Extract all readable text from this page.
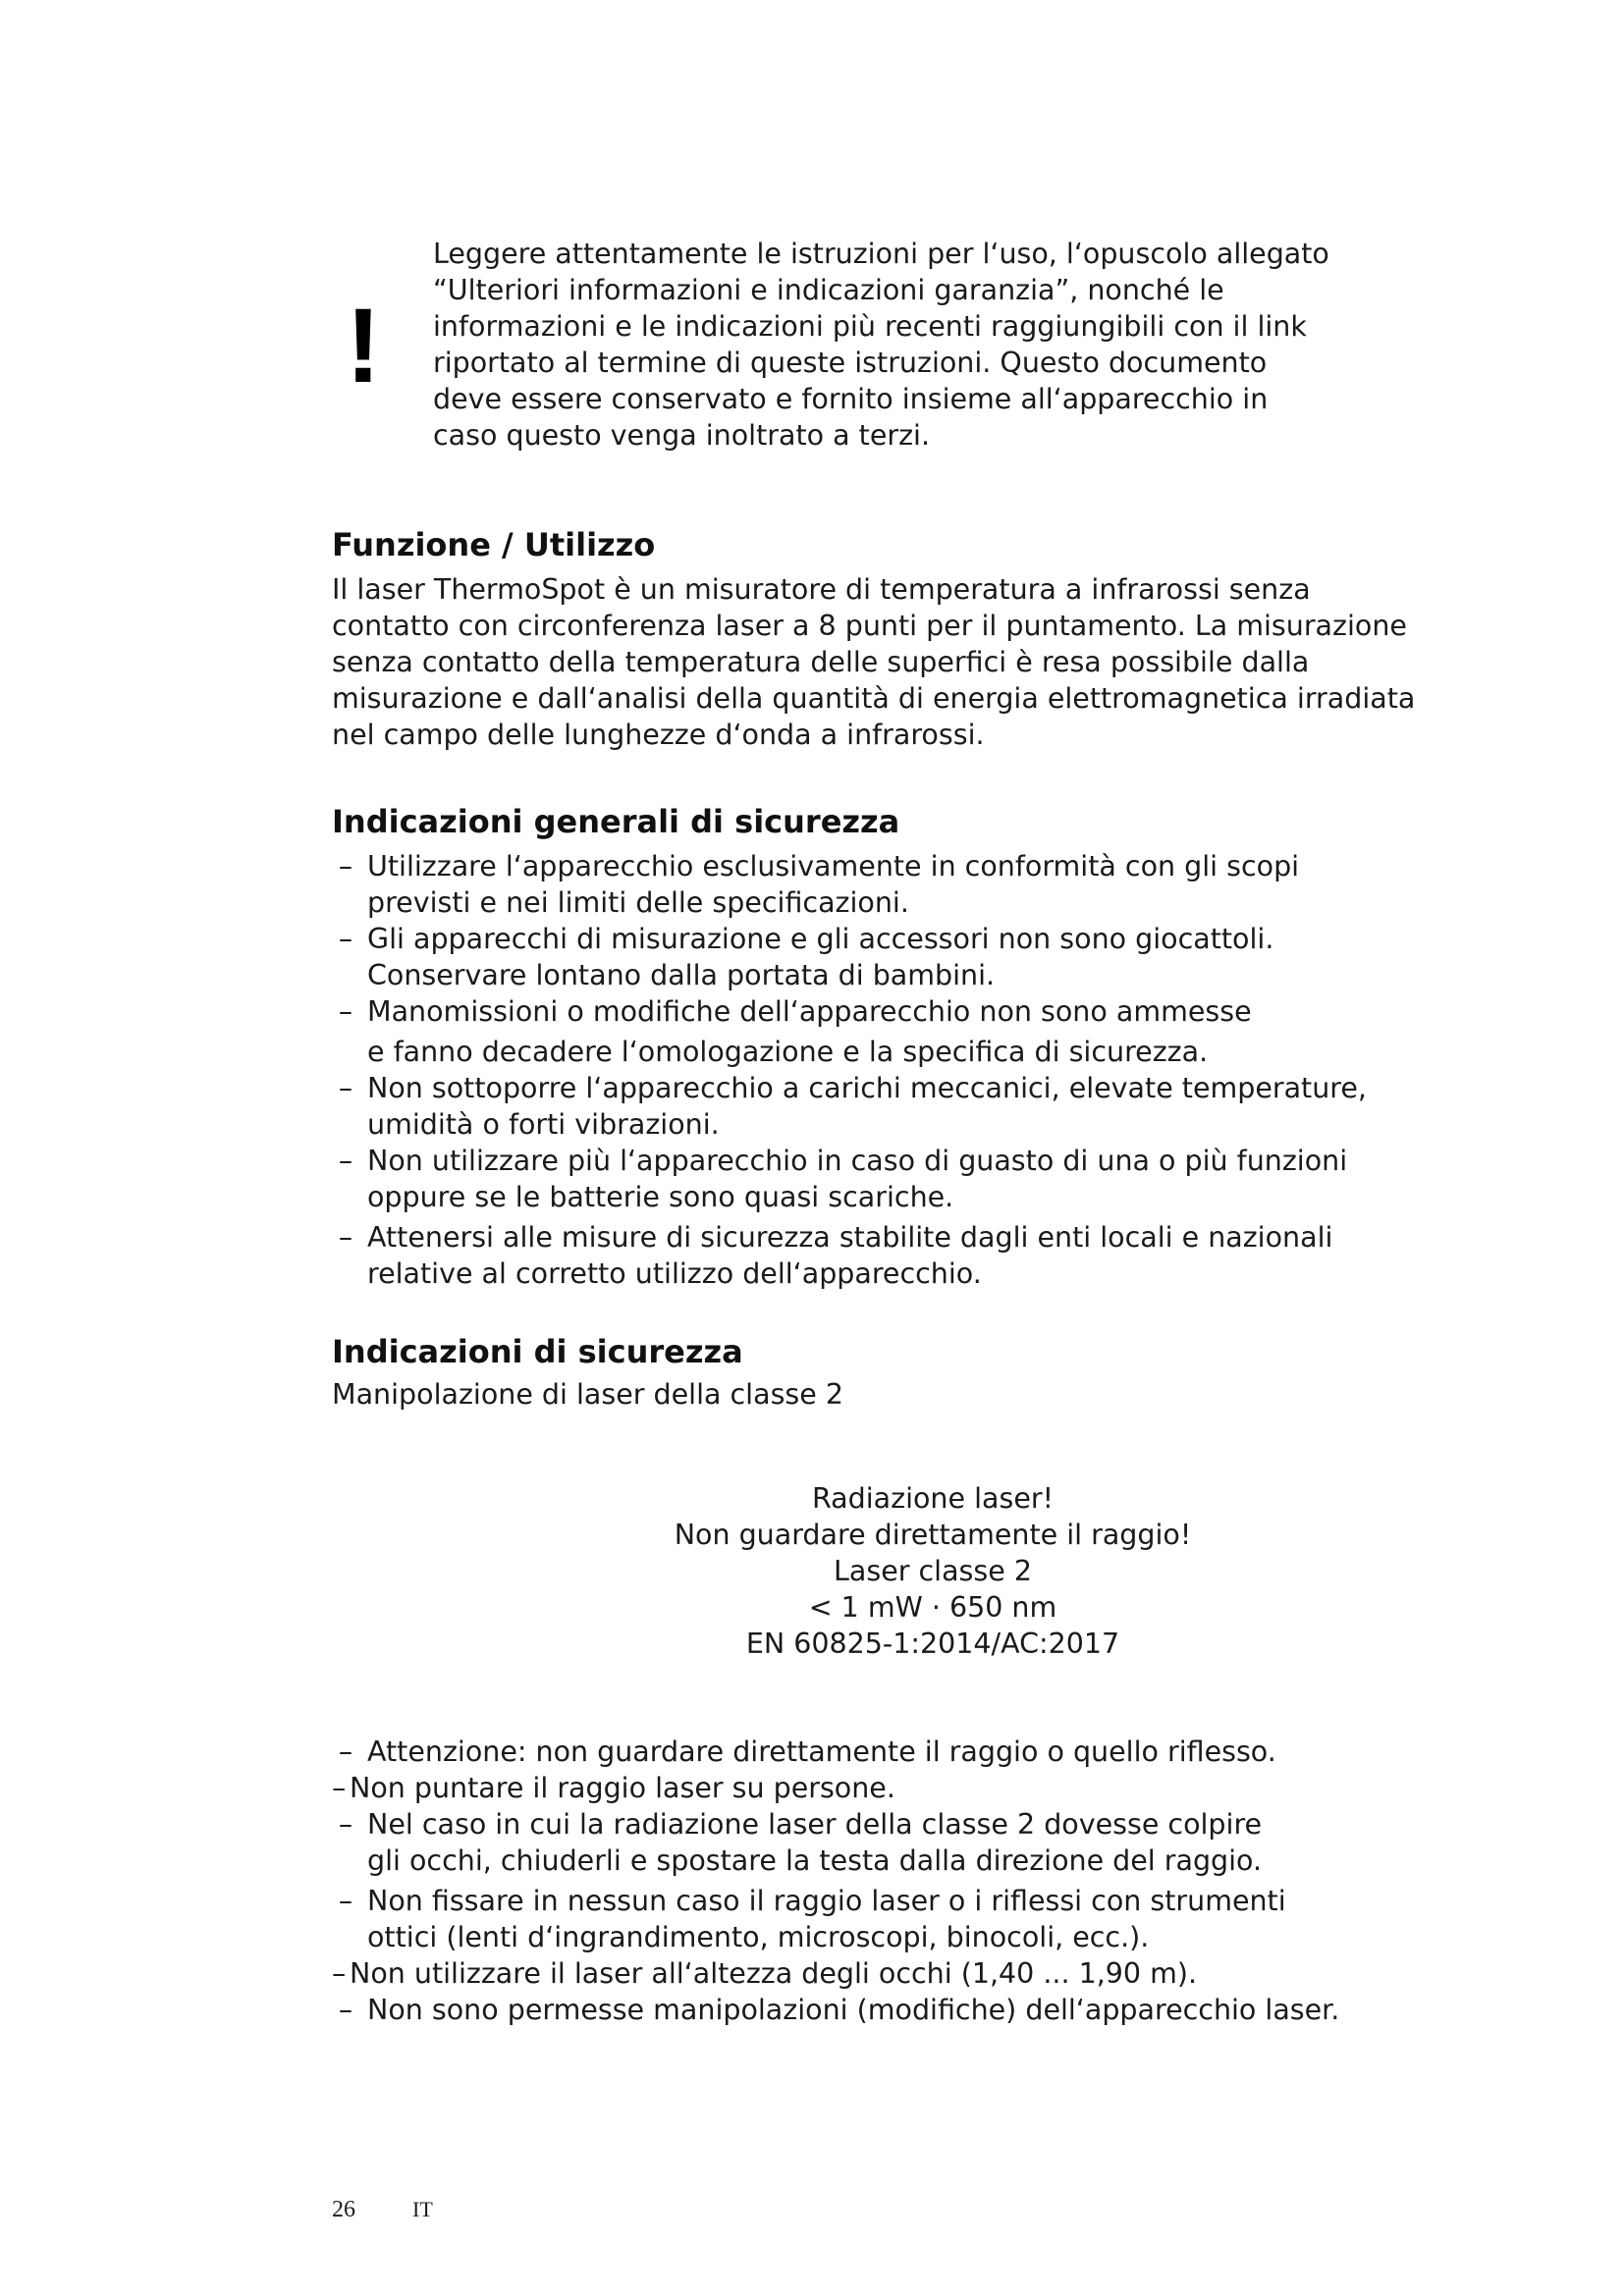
!
Leggere attentamente le istruzioni per l‘uso, l‘opuscolo allegato
“Ulteriori informazioni e indicazioni garanzia”, nonché le
informazioni e le indicazioni più recenti raggiungibili con il link
riportato al termine di queste istruzioni. Questo documento
deve essere conservato e fornito insieme all‘apparecchio in
caso questo venga inoltrato a terzi.
Funzione / Utilizzo
Il laser ThermoSpot è un misuratore di temperatura a infrarossi senza
contatto con circonferenza laser a 8 punti per il puntamento. La misurazione
senza contatto della temperatura delle superfici è resa possibile dalla
misurazione e dall‘analisi della quantità di energia elettromagnetica irradiata
nel campo delle lunghezze d‘onda a infrarossi.
Indicazioni generali di sicurezza
– Utilizzare l‘apparecchio esclusivamente in conformità con gli scopi
previsti e nei limiti delle specificazioni.
– Gli apparecchi di misurazione e gli accessori non sono giocattoli.
Conservare lontano dalla portata di bambini.
– Manomissioni o modifiche dell‘apparecchio non sono ammesse
e fanno decadere l‘omologazione e la specifica di sicurezza.
– Non sottoporre l‘apparecchio a carichi meccanici, elevate temperature,
umidità o forti vibrazioni.
– Non utilizzare più l‘apparecchio in caso di guasto di una o più funzioni
oppure se le batterie sono quasi scariche.
– Attenersi alle misure di sicurezza stabilite dagli enti locali e nazionali
relative al corretto utilizzo dell‘apparecchio.
Indicazioni di sicurezza
Manipolazione di laser della classe 2
Radiazione laser!
Non guardare direttamente il raggio!
Laser classe 2
< 1 mW · 650 nm
EN 60825-1:2014/AC:2017
– Attenzione: non guardare direttamente il raggio o quello riflesso.
– Non puntare il raggio laser su persone.
– Nel caso in cui la radiazione laser della classe 2 dovesse colpire
gli occhi, chiuderli e spostare la testa dalla direzione del raggio.
– Non fissare in nessun caso il raggio laser o i riflessi con strumenti
ottici (lenti d‘ingrandimento, microscopi, binocoli, ecc.).
– Non utilizzare il laser all‘altezza degli occhi (1,40 ... 1,90 m).
– Non sono permesse manipolazioni (modifiche) dell‘apparecchio laser.
26	IT
